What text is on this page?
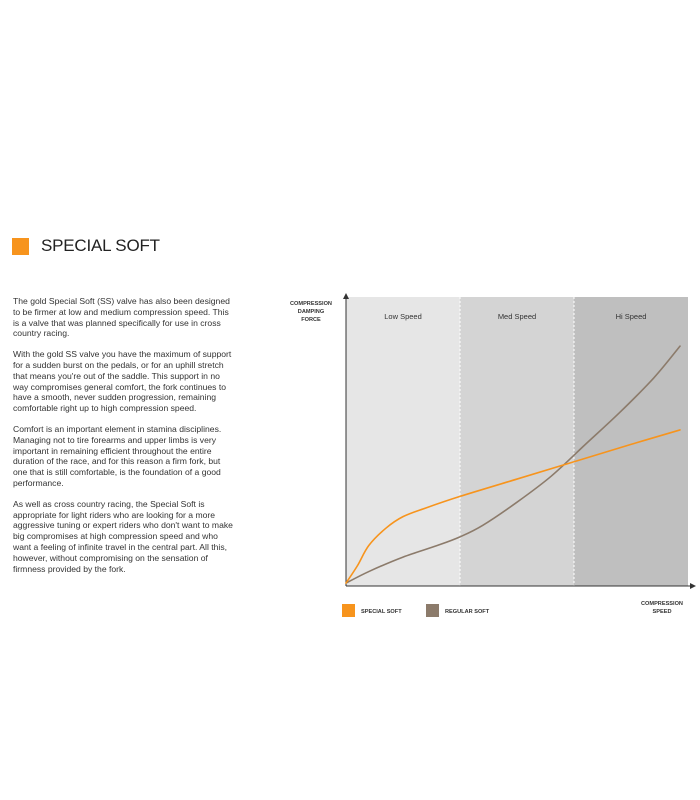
SPECIAL SOFT

The gold Special Soft (SS) valve has also been designed to be firmer at low and medium compression speed. This is a valve that was planned specifically for use in cross country racing.

With the gold SS valve you have the maximum of support for a sudden burst on the pedals, or for an uphill stretch that means you're out of the saddle. This support in no way compromises general comfort, the fork continues to have a smooth, never sudden progression, remaining comfortable right up to high compression speed.

Comfort is an important element in stamina disciplines. Managing not to tire forearms and upper limbs is very important in remaining efficient throughout the entire duration of the race, and for this reason a firm fork, but one that is still comfortable, is the foundation of a good performance.

As well as cross country racing, the Special Soft is appropriate for light riders who are looking for a more aggressive tuning or expert riders who don't want to make big compromises at high compression speed and who want a feeling of infinite travel in the central part. All this, however, without compromising on the sensation of firmness provided by the fork.

Low Speed	Med Speed	Hi Speed
COMPRESSION
DAMPING
FORCE
COMPRESSION
SPEED
SPECIAL SOFT	REGULAR SOFT
